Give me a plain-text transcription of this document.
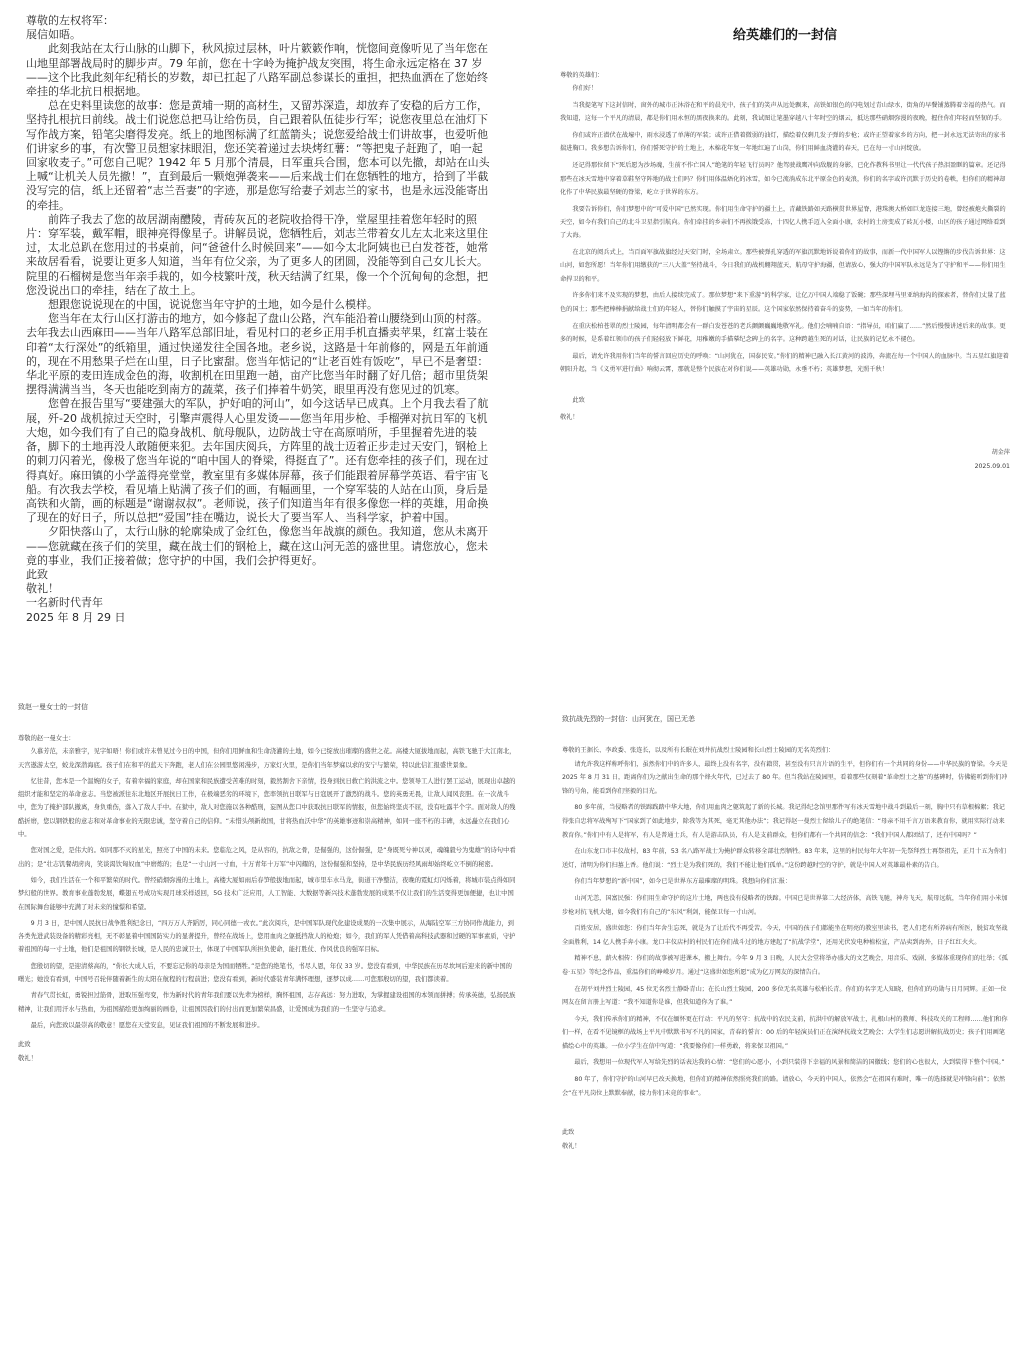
尊敬的左权将军：

展信如晤。

此刻我站在太行山脉的山脚下，秋风掠过层林，叶片簌簌作响，恍惚间竟像听见了当年您在山地里部署战局时的脚步声。79 年前，您在十字岭为掩护战友突围，将生命永远定格在 37 岁——这个比我此刻年纪稍长的岁数，却已扛起了八路军副总参谋长的重担，把热血洒在了您始终牵挂的华北抗日根据地。

总在史料里读您的故事：您是黄埔一期的高材生，又留苏深造，却放弃了安稳的后方工作，坚持扎根抗日前线。战士们说您总把马让给伤员，自己跟着队伍徒步行军；说您夜里总在油灯下写作战方案，铅笔尖磨得发亮。纸上的地图标满了红蓝箭头；说您爱给战士们讲故事，也爱听他们讲家乡的事，有次警卫员想家抹眼泪，您还笑着递过去块烤红薯：“等把鬼子赶跑了，咱一起回家收麦子。”可您自己呢？1942 年 5 月那个清晨，日军重兵合围，您本可以先撤，却站在山头上喊“让机关人员先撤！”，直到最后一颗炮弹袭来——后来战士们在您牺牲的地方，拾到了半截没写完的信，纸上还留着“志兰吾妻”的字迹，那是您写给妻子刘志兰的家书，也是永远没能寄出的牵挂。

前阵子我去了您的故居湖南醴陵，青砖灰瓦的老院收拾得干净，堂屋里挂着您年轻时的照片：穿军装，戴军帽，眼神亮得像星子。讲解员说，您牺牲后，刘志兰带着女儿左太北来这里住过，太北总趴在您用过的书桌前，问“爸爸什么时候回来”——如今太北阿姨也已白发苍苍，她常来故居看看，说要让更多人知道，当年有位父亲，为了更多人的团圆，没能等到自己女儿长大。院里的石榴树是您当年亲手栽的，如今枝繁叶茂，秋天结满了红果，像一个个沉甸甸的念想，把您没说出口的牵挂，结在了故土上。

想跟您说说现在的中国，说说您当年守护的土地，如今是什么模样。

您当年在太行山区打游击的地方，如今修起了盘山公路，汽车能沿着山腰绕到山顶的村落。去年我去山西麻田——当年八路军总部旧址，看见村口的老乡正用手机直播卖苹果，红富士装在印着“太行深处”的纸箱里，通过快递发往全国各地。老乡说，这路是十年前修的，网是五年前通的，现在不用愁果子烂在山里，日子比蜜甜。您当年惦记的“让老百姓有饭吃”，早已不是奢望：华北平原的麦田连成金色的海，收割机在田里跑一趟，亩产比您当年时翻了好几倍；超市里货架摆得满满当当，冬天也能吃到南方的蔬菜，孩子们捧着牛奶笑，眼里再没有您见过的饥寒。

您曾在报告里写“要建强大的军队，护好咱的河山”，如今这话早已成真。上个月我去看了航展，歼-20 战机掠过天空时，引擎声震得人心里发烫——您当年用步枪、手榴弹对抗日军的飞机大炮，如今我们有了自己的隐身战机、航母舰队，边防战士守在高原哨所，手里握着先进的装备，脚下的土地再没人敢随便来犯。去年国庆阅兵，方阵里的战士迈着正步走过天安门，钢枪上的刺刀闪着光，像极了您当年说的“咱中国人的脊梁，得挺直了”。还有您牵挂的孩子们，现在过得真好。麻田镇的小学盖得亮堂堂，教室里有多媒体屏幕，孩子们能跟着屏幕学英语、看宇宙飞船。有次我去学校，看见墙上贴满了孩子们的画，有幅画里，一个穿军装的人站在山顶，身后是高铁和火箭，画的标题是“谢谢叔叔”。老师说，孩子们知道当年有很多像您一样的英雄，用命换了现在的好日子，所以总把“爱国”挂在嘴边，说长大了要当军人、当科学家，护着中国。

夕阳快落山了，太行山脉的轮廓染成了金红色，像您当年战旗的颜色。我知道，您从未离开——您就藏在孩子们的笑里，藏在战士们的钢枪上，藏在这山河无恙的盛世里。请您放心，您未竟的事业，我们正接着做；您守护的中国，我们会护得更好。

此致

敬礼！

一名新时代青年

2025 年 8 月 29 日

给英雄们的一封信

尊敬的英雄们：

你们好！

当我提笔写下这封信时，窗外的城市正沐浴在和平的晨光中，孩子们的笑声从远处飘来，高铁如银色的闪电划过青山绿水，街角的早餐铺蒸腾着幸福的热气。而我知道，这每一个平凡的清晨，都是你们用永恒的黑夜换来的。此刻，我试图让笔墨穿越八十年时空的烟云，抵达那些硝烟弥漫的夜晚，握住你们年轻而坚韧的手。

你们或许正潜伏在战壕中，雨水浸透了单薄的军装；或许正借着微弱的油灯，描绘着仅剩几发子弹的步枪；或许正望着家乡的方向，把一封永远无法寄出的家书揣进胸口。我多想告诉你们，你们誓死守护的土地上，木棉花年复一年地红遍了山岗，你们用鲜血浇灌的春天，已在每一寸山河绽放。

还记得那位留下“死后愿为沙场魂，生前不作亡国人”绝笔的年轻飞行员吗？他驾驶战鹰冲向敌舰的身影，已化作教科书里让一代代孩子热泪盈眶的篇章。还记得那些在冰天雪地中穿着草鞋坚守阵地的战士们吗？你们用体温焐化的冰雪，如今已流淌成东北平原金色的麦浪，你们的名字或许沉默于历史的卷帙，但你们的精神却化作了中华民族最坚硬的脊梁，屹立于世界的东方。

我要告诉你们，你们梦想中的“可爱中国”已然实现。你们用生命守护的疆土上，青藏铁路如天路横贯世界屋脊，港珠澳大桥如巨龙连接三地，曾经被炮火撕裂的天空，如今有我们自己的北斗卫星指引航向。你们牵挂的乡亲们不再挨饿受冻，十四亿人携手迈入全面小康，农村的土房变成了砖瓦小楼，山区的孩子通过网络看到了大海。

在北京的阅兵式上，当百面军旗战旗经过天安门时，全场肃立。那些被弹孔穿透的军旗沉默地诉说着你们的故事，而新一代中国军人以铿锵的步伐告诉世界：这山河，如您所愿！当年你们用缴获的“三八大盖”坚持战斗，今日我们的战机翱翔蓝天，航母守护海疆，但请放心，强大的中国军队永远是为了守护和平——你们用生命捍卫的和平。

许多你们来不及实现的梦想，由后人接续完成了。那位梦想“来下重游”的科学家，让亿万中国人端稳了饭碗；那些深埋马里亚纳海沟的探索者，替你们丈量了蓝色的国土；那些把棒棒捐献给战士们的年轻人，替你们触摸了宇宙的星辰。这个国家依然保持着奋斗的姿势，一如当年的你们。

在重庆松柏苍翠的烈士陵园，每年清明都会有一群白发苍苍的老兵颤颤巍巍地敬军礼。他们会喃喃自语：“指导员，咱们赢了……”然后慢慢讲述后来的故事。更多的时候，是系着红领巾的孩子们轻轻放下鲜花，用稚嫩的手描摹纪念碑上的名字。这种跨越生死的对话，让民族的记忆永不褪色。

最后，请允许我用你们当年的誓言回应历史的呼唤：“山河犹在，国泰民安。”你们的精神已融入长江黄河的波涛，奔流在每一个中国人的血脉中。当五星红旗迎着朝阳升起，当《义勇军进行曲》响彻云霄，那就是整个民族在对你们说——英雄功勋，永垂不朽；英雄梦想，光照千秋！

此致

敬礼！

胡金萍

2025.09.01

致赵一曼女士的一封信

尊敬的赵一曼女士：

久慕芳范，未亲雅宇，见字如晤！你们或许未曾见过今日的中国，但你们用鲜血和生命浇灌的土地，如今已绽放出璀璨的盛世之花。高楼大厦拔地而起，高铁飞驰于大江南北，天宫遨游太空，蛟龙深潜海底。孩子们在和平的蓝天下奔跑，老人们在公园里悠闲漫步，万家灯火里，是你们当年梦寐以求的安宁与繁荣，特以此信汇报盛世景象。

忆往昔，您本是一个温婉的女子，有着幸福的家庭，却在国家和民族遭受苦难的时刻，毅然割舍下亲情，投身到抗日救亡的洪流之中。您领导工人进行罢工运动，展现出卓越的组织才能和坚定的革命意志。当您被派往东北地区开展抗日工作，在极端恶劣的环境下，您率领抗日联军与日寇展开了激烈的战斗。您的英勇无畏，让敌人闻风丧胆。在一次战斗中，您为了掩护部队撤离，身负重伤，落入了敌人手中。在狱中，敌人对您施以各种酷刑，妄图从您口中获取抗日联军的情报，但您始终坚贞不屈，没有吐露半个字。面对敌人的残酷折磨，您以钢铁般的意志和对革命事业的无限忠诚，坚守着自己的信仰。“未惜头颅新故国，甘将热血沃中华”的英雄事迹和崇高精神，如同一座不朽的丰碑，永远矗立在我们心中。

您对国之爱，是伟大的。如同那不灭的星光，照亮了中国的未来。您临危之风，是从容的，抗敌之骨，是倔强的，这份倔强，是“身既死兮神以灵，魂魄毅兮为鬼雄”的诗句中看出的；是“壮志饥餐胡虏肉，笑谈渴饮匈奴血”中磨炼的；也是“一寸山河一寸血，十万青年十万军”中闪耀的，这份倔强和坚持，是中华民族历经风雨却始终屹立不倒的秘密。

如今，我们生活在一个和平繁荣的时代。曾经硝烟弥漫的土地上，高楼大厦如雨后春笋般拔地而起，城市里车水马龙，街道干净整洁，夜晚的霓虹灯闪烁着，将城市装点得如同梦幻般的世界。教育事业蓬勃发展，蝶翅五号成功实现月球采样返回，5G 技术广泛应用，人工智能、大数据等新兴技术蓬勃发展的成果不仅让我们的生活变得更加便捷，也让中国在国际舞台能够中充满了对未来的憧憬和希望。

9 月 3 日，是中国人民抗日战争胜利纪念日，“四万万人齐蹈厉，同心同德一戎衣。”此次阅兵，是中国军队现代化建设成果的一次集中展示，从海陆空军三方协同作战能力，到各类先进武装设备的精彩亮相，无不彰显着中国国防实力的显著提升，曾经在战场上，您用血肉之躯抵挡敌人的枪炮；如今，我们的军人凭借着高科技武器和过硬的军事素质，守护着祖国的每一寸土地，他们是祖国的钢铁长城，是人民的忠诚卫士，体现了中国军队所担负使命，能打胜仗、作风优良的强军目标。

您殷切的望，是迎清蔡高的，“你长大成人后，不要忘记你的母亲是为国而牺牲。”是您的绝笔书，书尽人恩，年仅 33 岁。您没有看到，中华民族在历尽坎坷后迎来的新中国的曙光；她没有看到，中国号召轮伴随着新生的太阳在航程的行程前进；您没有看到，新时代盛装青年满怀理想，逐梦以成……可您那殷切的望，我们都读着。

青春气贯长虹，勇锐担过筋骨，进取压强弯变，作为新时代的青年我们要以先辈为榜样，胸怀祖国，志存高远：努力进取，为掌握建设祖国的本领而拼搏；传承英德，弘扬民族精神，让我们用汗水与热血，为祖国描绘更加绚丽的画卷，让祖国因我们的付出而更加繁荣昌盛，让爱国成为我们的一生坚守与追求。

最后，向您致以最崇高的敬意！愿您在天堂安息，见证我们祖国的不断发展和进步。

此致

敬礼！

致抗战先烈的一封信：山河犹在，国已无恙

尊敬的王据长、李政委、张连长，以及所有长眠在刘井抗战烈士陵园和长山烈士陵园的无名英烈们：

请允许我这样称呼你们，虽然你们中的许多人，最终上没有名字，没有籍贯，甚至没有只言片语的生平，但你们有一个共同的身份——中华民族的脊梁。今天是 2025 年 8 月 31 日，距离你们为之献出生命的那个烽火年代，已过去了 80 年。但当我站在陵园里，看着那些仅刻着“革命烈士之墓”的墓碑时，仿佛能听到你们冲锋的号角，能看到你们坚毅的目光。

80 多年前，当侵略者的铁蹄践踏中华大地，你们用血肉之躯筑起了新的长城。我记得纪念馆里那件写有冰天雪地中战斗到最后一刻，胸中只有草根棉絮；我记得张自忠将军战殉写下“国家到了如此地步，除我等为其死，毫无其他办法”；我记得赵一曼烈士留给儿子的绝笔信：“母亲不用千言万语来教育你，就用实际行动来教育你。”你们中有人是将军，有人是普通士兵，有人是游击队员，有人是支前群众，但你们都有一个共同的信念：“我们中国人都团结了，还有中国吗？”

在山东龙口市丰仪故村，83 年前，53 名八路军战士为掩护群众转移全部壮烈牺牲。83 年来，这里的村民每年大年初一先祭拜烈士再祭祖先，正月十五为你们送灯，清明为你们扫墓上香。他们说：“烈士是为我们死的，我们不能让他们孤单。”这份跨越时空的守护，就是中国人对英雄最朴素的告白。

你们当年梦想的“新中国”，如今已是世界东方最璀璨的明珠。我想向你们汇报：

山河无恙，国富民强：你们用生命守护的这片土地，两也没有侵略者的铁蹄。中国已是世界第二大经济体，高铁飞驰，神舟飞天，航母远航，当年你们用小米加步枪对抗飞机大炮，如今我们有自己的“东风”利剑，能保卫每一寸山河。

百姓安居，盛世如您：你们当年舍生忘死，就是为了让后代不再受苦。今天，中国的孩子们都能坐在明亮的教室里读书，老人们老有所养病有所医，脱贫攻坚战全面胜利，14 亿人携手奔小康。龙口丰仪店村的村民们在你们战斗过的地方建起了“抗战学堂”，还用光伏发电种植松宣，产品卖到海外，日子红红火火。

精神不息，薪火相传：你们的故事被写进课本，搬上舞台。今年 9 月 3 日晚，人民大会堂将举办盛大的文艺晚会，用音乐、戏剧、多媒体重现你们的壮举；《孤卷·五星》等纪念作品，重温你们的峥嵘岁月。通过“这盛世如您所愿”成为亿万网友的深情告白。

在胡平刘井烈士陵园，45 位无名烈士静卧青山；在长山烈士陵园，200 多位无名英雄与松柏长青。你们的名字无人知晓，但你们的功勋与日月同辉。正如一位网友在留言册上写道：“我不知道你是谁，但我知道你为了谁。”

今天，我们传承你们的精神，不仅在缅怀更在行动：平凡的坚守：抗战中的农民支前，抗洪中的解放军战士，扎根山村的教师、科技攻关的工程师……他们和你们一样，在看不见镜框的战场上平凡中默默书写不凡的国家，青春的誓言：00 后的年轻演员们正在演绎抗战文艺晚会；大学生们志愿讲解抗战历史；孩子们用画笔描绘心中的英雄。一位小学生在信中写道：“我要像你们一样勇敢，将来保卫祖国。”

最后，我想用一位现代军人写给先烈的话表达我的心情：“您们的心愿小，小到只装得下幸福的风景和简洁的国徽线；您们的心也很大，大到装得下整个中国。”

80 年了，你们守护的山河早已改天换地，但你们的精神依然照亮我们的路。请放心，今天的中国人，依然会“在祖国有难时，唯一的选择就是冲锋向前”；依然会“在平凡岗位上默默奉献，接力你们未竟的事业”。

此致

敬礼！
